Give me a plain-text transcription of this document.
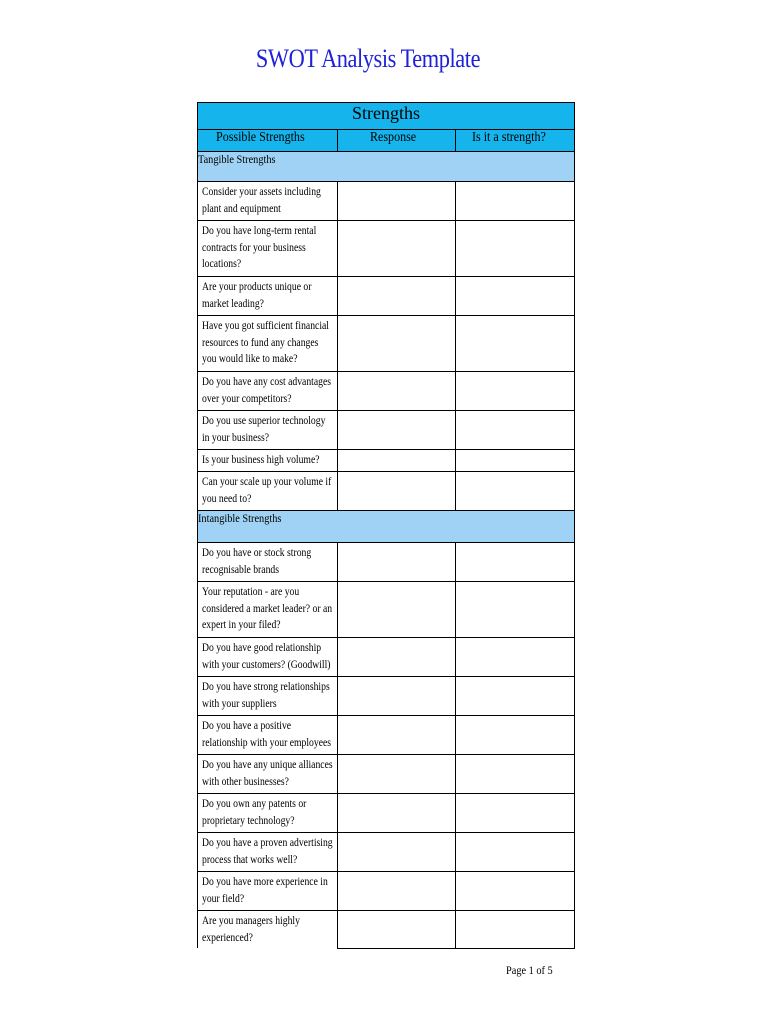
SWOT Analysis Template
Strengths		
Possible Strengths	Response	Is it a strength?
Tangible Strengths		
Consider your assets including plant and equipment		
Do you have long-term rental contracts for your business locations?		
Are your products unique or market leading?		
Have you got sufficient financial resources to fund any changes you would like to make?		
Do you have any cost advantages over your competitors?		
Do you use superior technology in your business?		
Is your business high volume?		
Can your scale up your volume if you need to?		
Intangible Strengths		
Do you have or stock strong recognisable brands		
Your reputation - are you considered a market leader? or an expert in your filed?		
Do you have good relationship with your customers? (Goodwill)		
Do you have strong relationships with your suppliers		
Do you have a positive relationship with your employees		
Do you have any unique alliances with other businesses?		
Do you own any patents or proprietary technology?		
Do you have a proven advertising process that works well?		
Do you have more experience in your field?		
Are you managers highly experienced?		
Page 1 of 5
